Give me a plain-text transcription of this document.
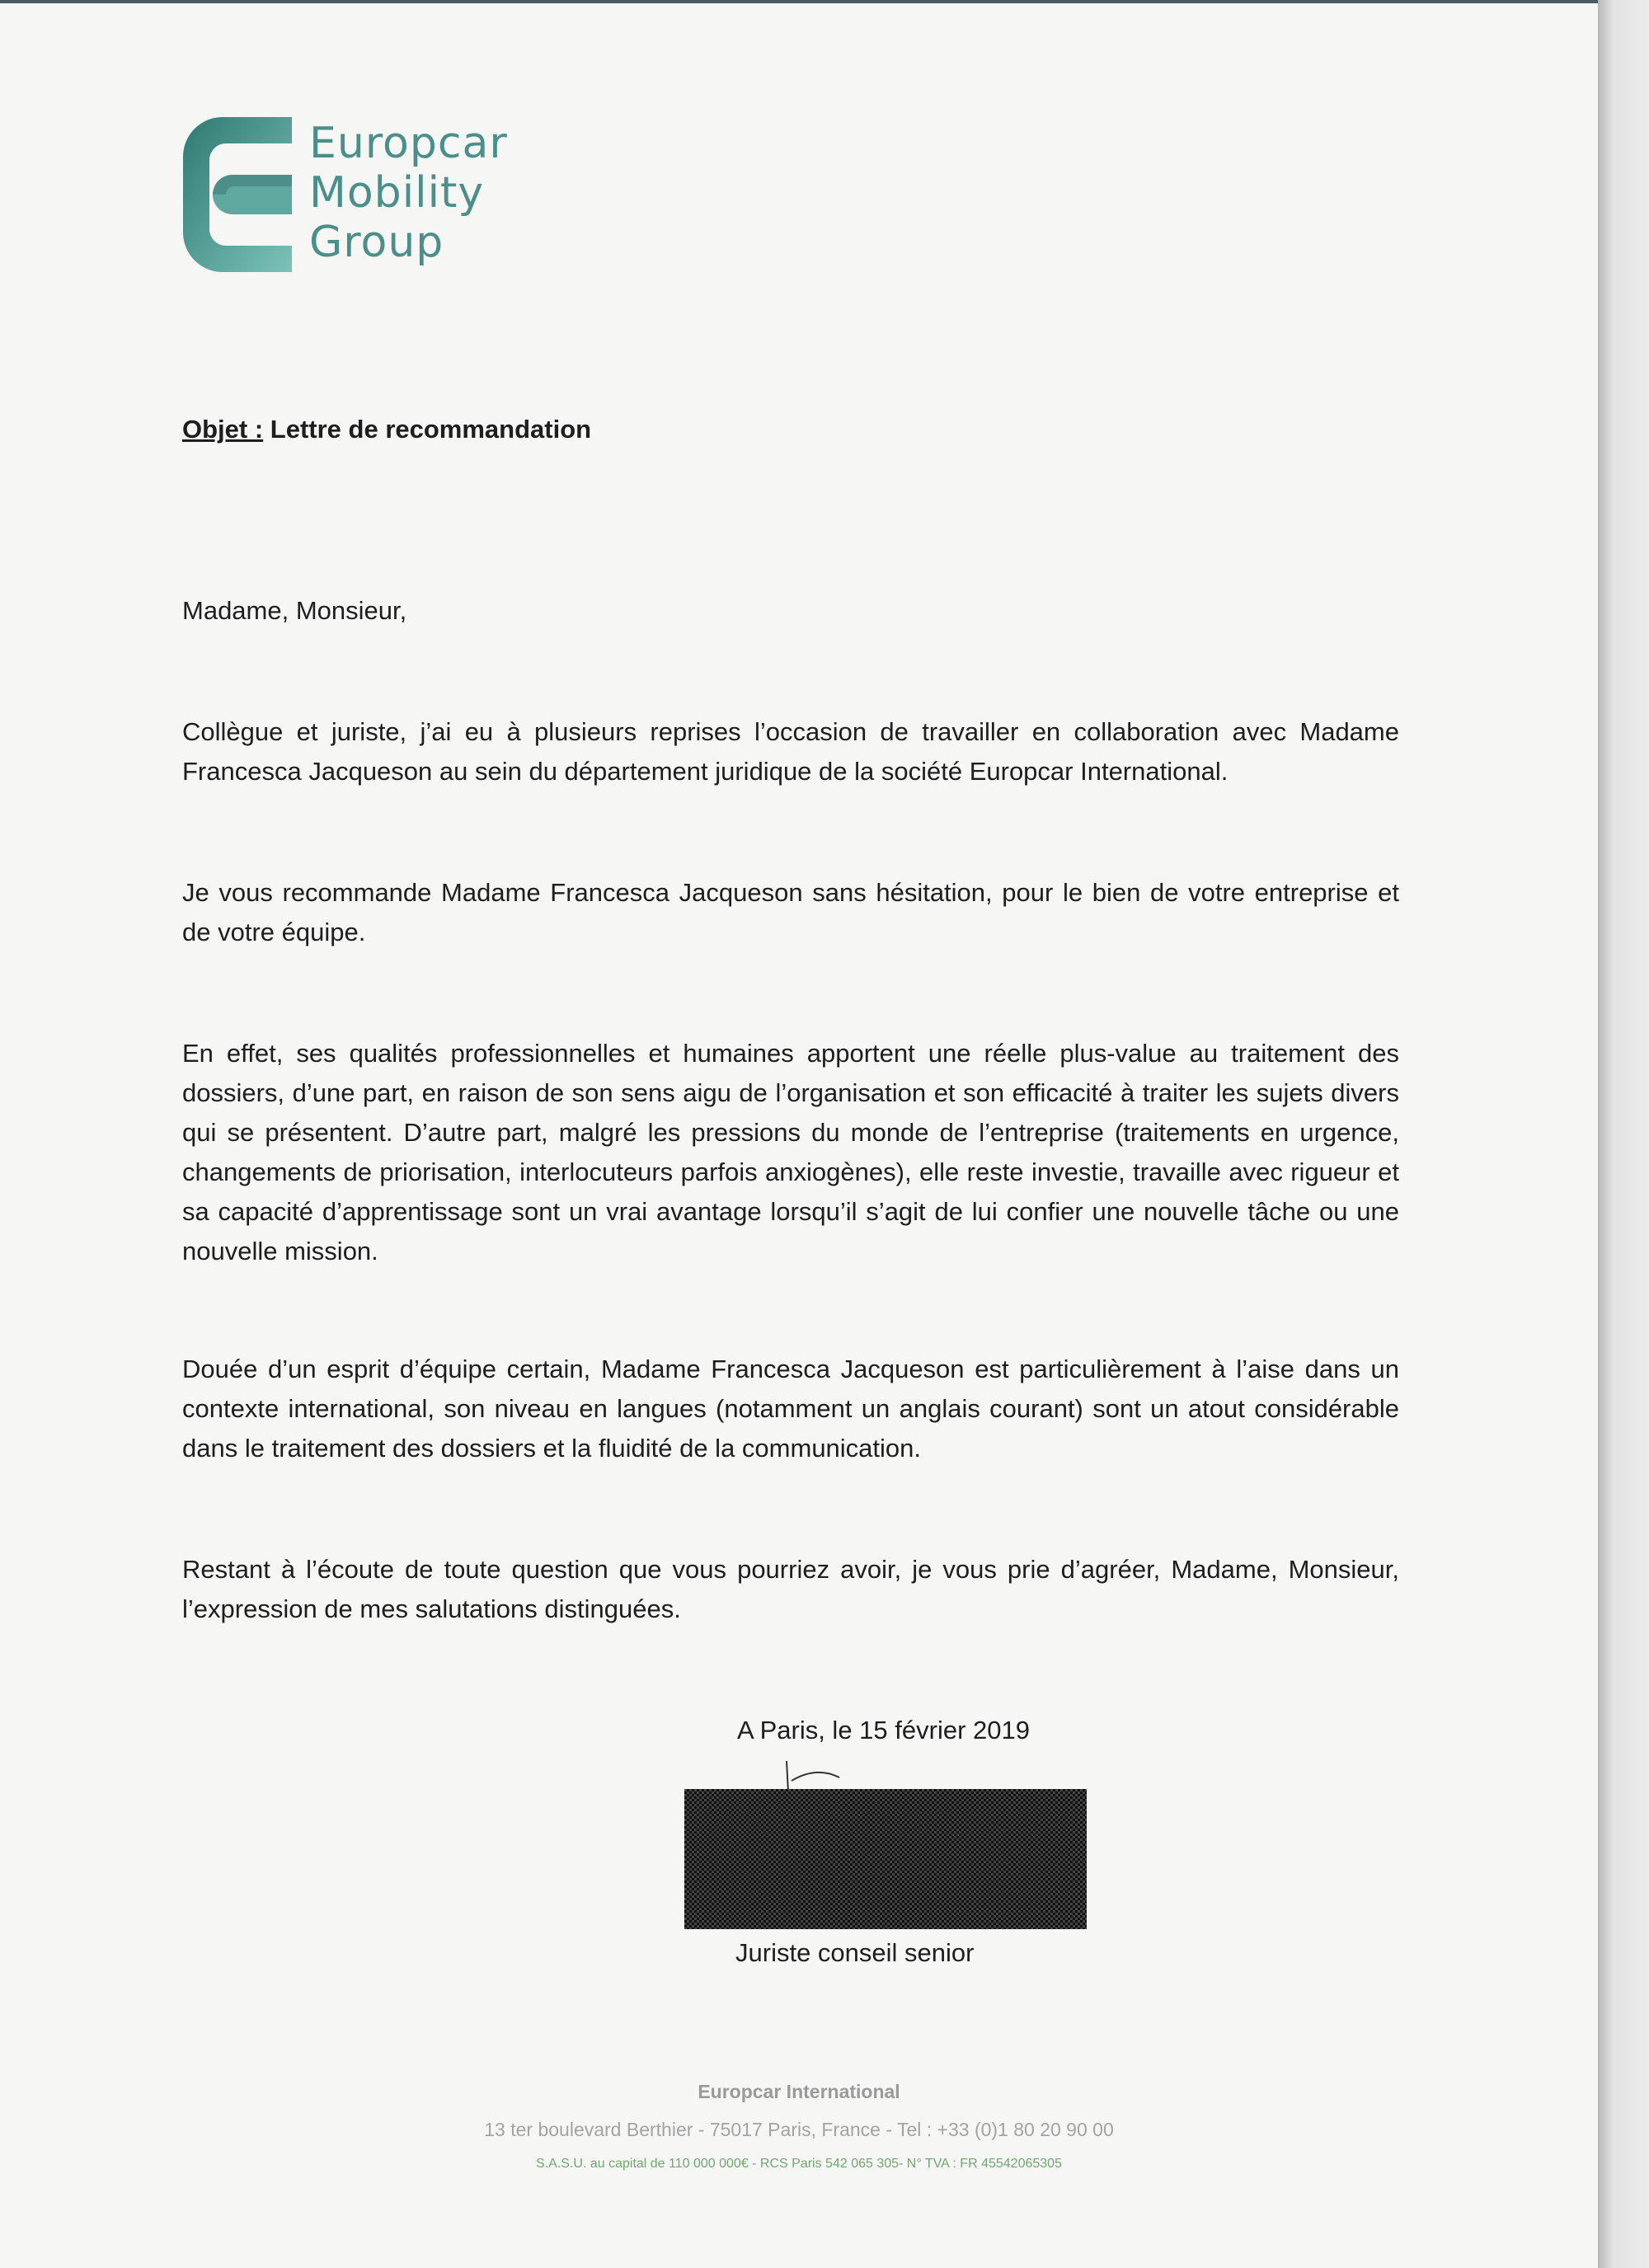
Europcar
Mobility
Group
Objet : Lettre de recommandation
Madame, Monsieur,

Collègue et juriste, j’ai eu à plusieurs reprises l’occasion de travailler en collaboration avec Madame Francesca Jacqueson au sein du département juridique de la société Europcar International.

Je vous recommande Madame Francesca Jacqueson sans hésitation, pour le bien de votre entreprise et de votre équipe.

En effet, ses qualités professionnelles et humaines apportent une réelle plus-value au traitement des dossiers, d’une part, en raison de son sens aigu de l’organisation et son efficacité à traiter les sujets divers qui se présentent. D’autre part, malgré les pressions du monde de l’entreprise (traitements en urgence, changements de priorisation, interlocuteurs parfois anxiogènes), elle reste investie, travaille avec rigueur et sa capacité d’apprentissage sont un vrai avantage lorsqu’il s’agit de lui confier une nouvelle tâche ou une nouvelle mission.

Douée d’un esprit d’équipe certain, Madame Francesca Jacqueson est particulièrement à l’aise dans un contexte international, son niveau en langues (notamment un anglais courant) sont un atout considérable dans le traitement des dossiers et la fluidité de la communication.

Restant à l’écoute de toute question que vous pourriez avoir, je vous prie d’agréer, Madame, Monsieur, l’expression de mes salutations distinguées.

A Paris, le 15 février 2019
Juriste conseil senior
Europcar International
13 ter boulevard Berthier - 75017 Paris, France - Tel : +33 (0)1 80 20 90 00
S.A.S.U. au capital de 110 000 000€ - RCS Paris 542 065 305- N° TVA : FR 45542065305
